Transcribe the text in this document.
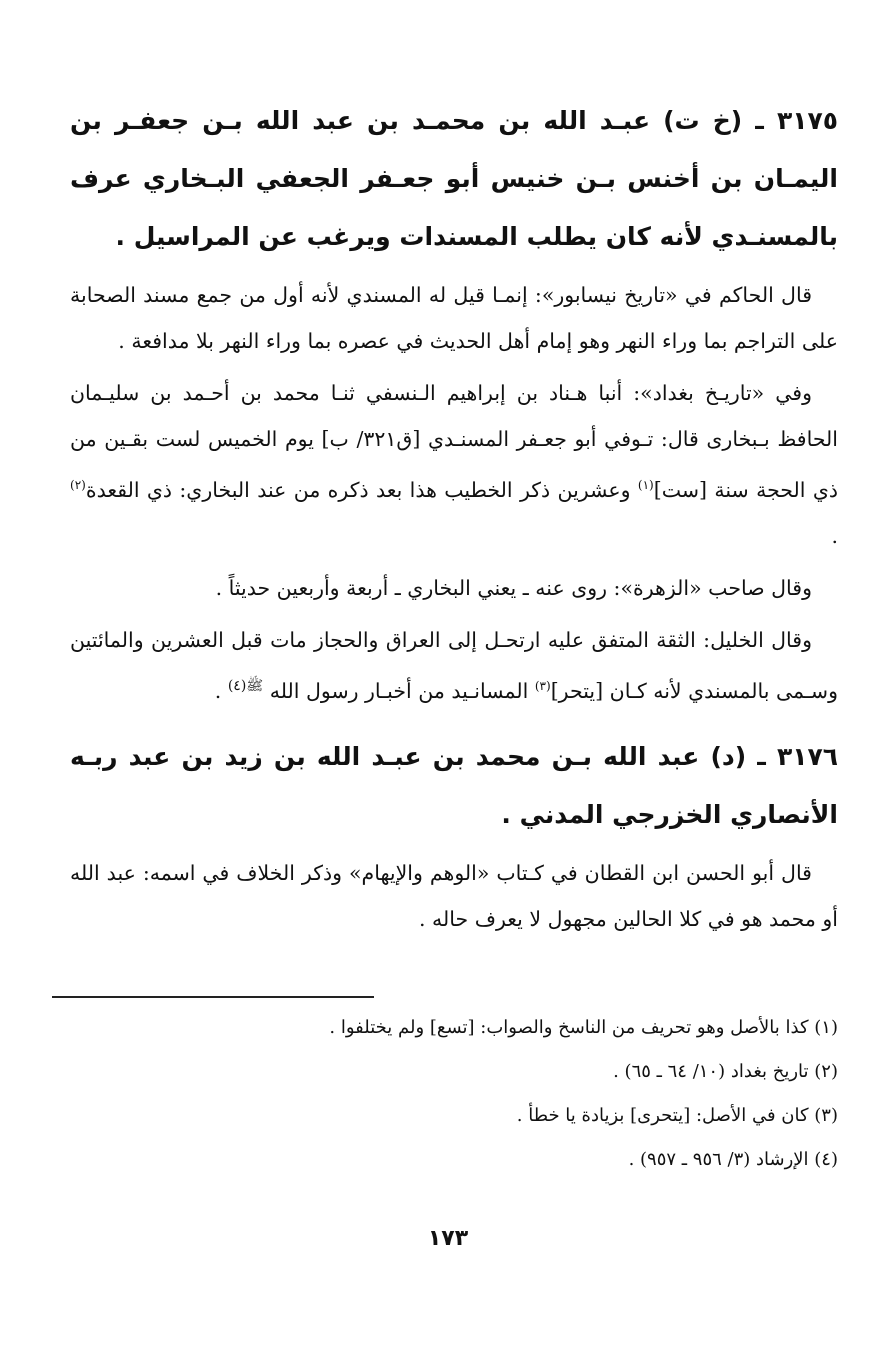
٣١٧٥ ـ (خ ت) عبـد الله بن محمـد بن عبد الله بـن جعفـر بن اليمـان بن أخنس بـن خنيس أبو جعـفر الجعفي البـخاري عرف بالمسنـدي لأنه كان يطلب المسندات ويرغب عن المراسيل .

قال الحاكم في «تاريخ نيسابور»: إنمـا قيل له المسندي لأنه أول من جمع مسند الصحابة على التراجم بما وراء النهر وهو إمام أهل الحديث في عصره بما وراء النهر بلا مدافعة .

وفي «تاريـخ بغداد»: أنبا هـناد بن إبراهيم الـنسفي ثنـا محمد بن أحـمد بن سليـمان الحافظ بـبخارى قال: تـوفي أبو جعـفر المسنـدي [ق٣٢١/ ب] يوم الخميس لست بقـين من ذي الحجة سنة [ست]$^{(١)}$ وعشرين ذكر الخطيب هذا بعد ذكره من عند البخاري: ذي القعدة$^{(٢)}$ .

وقال صاحب «الزهرة»: روى عنه ـ يعني البخاري ـ أربعة وأربعين حديثاً .

وقال الخليل: الثقة المتفق عليه ارتحـل إلى العراق والحجاز مات قبل العشرين والمائتين وسـمى بالمسندي لأنه كـان [يتحر]$^{(٣)}$ المسانـيد من أخبـار رسول الله $^{ﷺ(٤)}$ .

٣١٧٦ ـ (د) عبد الله بـن محمد بن عبـد الله بن زيد بن عبد ربـه الأنصاري الخزرجي المدني .

قال أبو الحسن ابن القطان في كـتاب «الوهم والإيهام» وذكر الخلاف في اسمه: عبد الله أو محمد هو في كلا الحالين مجهول لا يعرف حاله .

(١) كذا بالأصل وهو تحريف من الناسخ والصواب: [تسع] ولم يختلفوا .

(٢) تاريخ بغداد (١٠/ ٦٤ ـ ٦٥) .

(٣) كان في الأصل: [يتحرى] بزيادة يا خطأ .

(٤) الإرشاد (٣/ ٩٥٦ ـ ٩٥٧) .

١٧٣
